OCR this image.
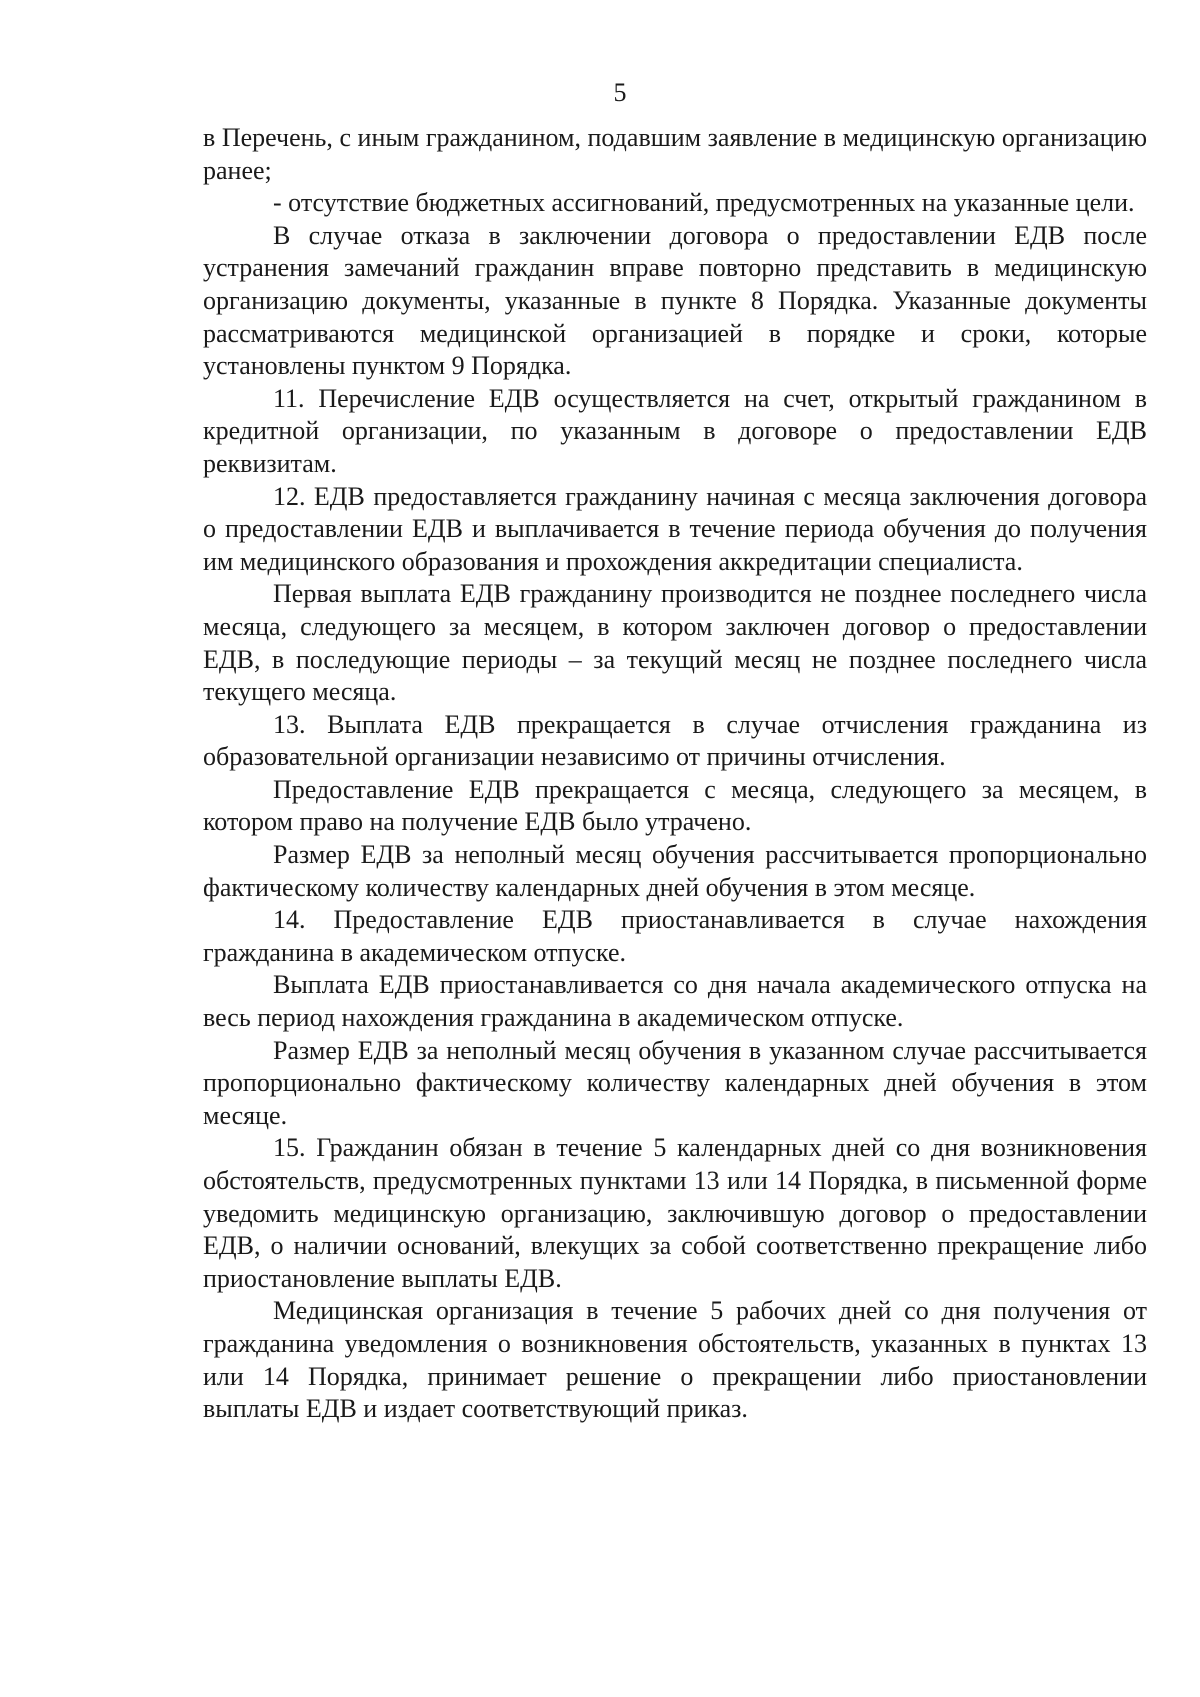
5

в Перечень, с иным гражданином, подавшим заявление в медицинскую организацию ранее;

- отсутствие бюджетных ассигнований, предусмотренных на указанные цели.

В случае отказа в заключении договора о предоставлении ЕДВ после устранения замечаний гражданин вправе повторно представить в медицинскую организацию документы, указанные в пункте 8 Порядка. Указанные документы рассматриваются медицинской организацией в порядке и сроки, которые установлены пунктом 9 Порядка.

11. Перечисление ЕДВ осуществляется на счет, открытый гражданином в кредитной организации, по указанным в договоре о предоставлении ЕДВ реквизитам.

12. ЕДВ предоставляется гражданину начиная с месяца заключения договора о предоставлении ЕДВ и выплачивается в течение периода обучения до получения им медицинского образования и прохождения аккредитации специалиста.

Первая выплата ЕДВ гражданину производится не позднее последнего числа месяца, следующего за месяцем, в котором заключен договор о предоставлении ЕДВ, в последующие периоды – за текущий месяц не позднее последнего числа текущего месяца.

13. Выплата ЕДВ прекращается в случае отчисления гражданина из образовательной организации независимо от причины отчисления.

Предоставление ЕДВ прекращается с месяца, следующего за месяцем, в котором право на получение ЕДВ было утрачено.

Размер ЕДВ за неполный месяц обучения рассчитывается пропорционально фактическому количеству календарных дней обучения в этом месяце.

14. Предоставление ЕДВ приостанавливается в случае нахождения гражданина в академическом отпуске.

Выплата ЕДВ приостанавливается со дня начала академического отпуска на весь период нахождения гражданина в академическом отпуске.

Размер ЕДВ за неполный месяц обучения в указанном случае рассчитывается пропорционально фактическому количеству календарных дней обучения в этом месяце.

15. Гражданин обязан в течение 5 календарных дней со дня возникновения обстоятельств, предусмотренных пунктами 13 или 14 Порядка, в письменной форме уведомить медицинскую организацию, заключившую договор о предоставлении ЕДВ, о наличии оснований, влекущих за собой соответственно прекращение либо приостановление выплаты ЕДВ.

Медицинская организация в течение 5 рабочих дней со дня получения от гражданина уведомления о возникновения обстоятельств, указанных в пунктах 13 или 14 Порядка, принимает решение о прекращении либо приостановлении выплаты ЕДВ и издает соответствующий приказ.
